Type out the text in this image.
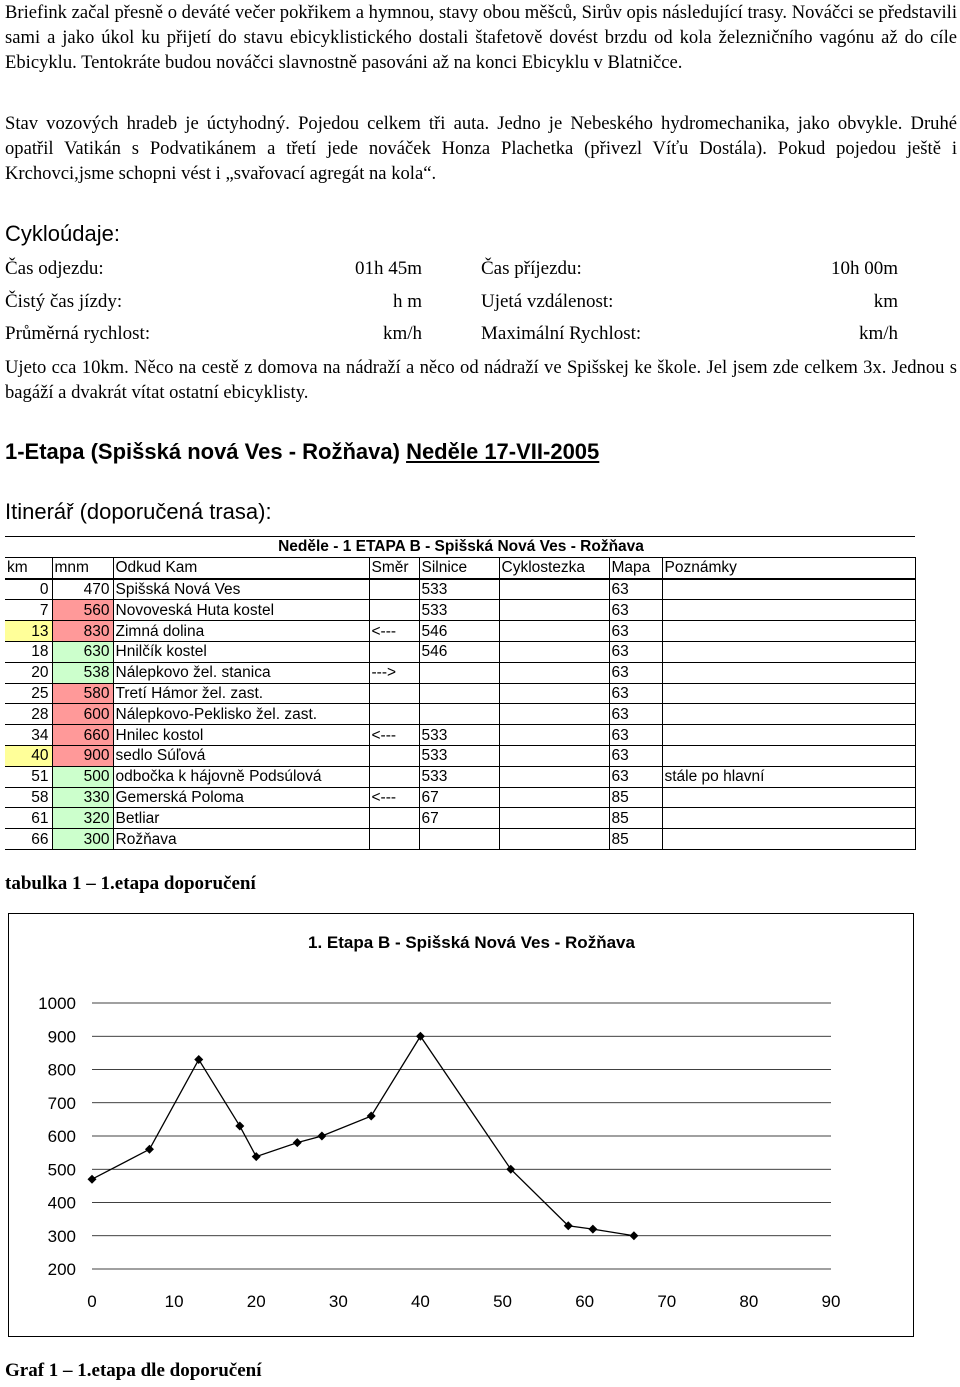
Briefink začal přesně o deváté večer pokřikem a hymnou, stavy obou měšců, Sirův opis následující trasy. Nováčci se představili sami a jako úkol ku přijetí do stavu ebicyklistického dostali štafetově dovést brzdu od kola železničního vagónu až do cíle Ebicyklu. Tentokráte budou nováčci slavnostně pasováni až na konci Ebicyklu v Blatničce.

Stav vozových hradeb je úctyhodný. Pojedou celkem tři auta. Jedno je Nebeského hydromechanika, jako obvykle. Druhé opatřil Vatikán s Podvatikánem a třetí jede nováček Honza Plachetka (přivezl Víťu Dostála). Pokud pojedou ještě i Krchovci,jsme schopni vést i „svařovací agregát na kola“.

Cykloúdaje:
Čas odjezdu:	01h 45m	Čas příjezdu:	10h 00m
Čistý čas jízdy:	h m	Ujetá vzdálenost:	km
Průměrná rychlost:	km/h	Maximální Rychlost:	km/h

Ujeto cca 10km. Něco na cestě z domova na nádraží a něco od nádraží ve Spišskej ke škole. Jel jsem zde celkem 3x. Jednou s bagáží a dvakrát vítat ostatní ebicyklisty.

1-Etapa (Spišská nová Ves - Rožňava) Neděle 17-VII-2005
Itinerář (doporučená trasa):
Neděle - 1 ETAPA B - Spišská Nová Ves - Rožňava							
km	mnm	Odkud Kam	Směr	Silnice	Cyklostezka	Mapa	Poznámky
0	470	Spišská Nová Ves		533		63	
7	560	Novoveská Huta kostel		533		63	
13	830	Zimná dolina	<---	546		63	
18	630	Hnilčík kostel		546		63	
20	538	Nálepkovo žel. stanica	--->			63	
25	580	Tretí Hámor žel. zast.				63	
28	600	Nálepkovo-Peklisko žel. zast.				63	
34	660	Hnilec kostol	<---	533		63	
40	900	sedlo Súľová		533		63	
51	500	odbočka k hájovně Podsúlová		533		63	stále po hlavní
58	330	Gemerská Poloma	<---	67		85	
61	320	Betliar		67		85	
66	300	Rožňava				85	
tabulka 1 – 1.etapa doporučení
1. Etapa B - Spišská Nová Ves - Rožňava
200
300
400
500
600
700
800
900
1000
0	10	20	30	40	50	60	70	80	90
Graf 1 – 1.etapa dle doporučení
